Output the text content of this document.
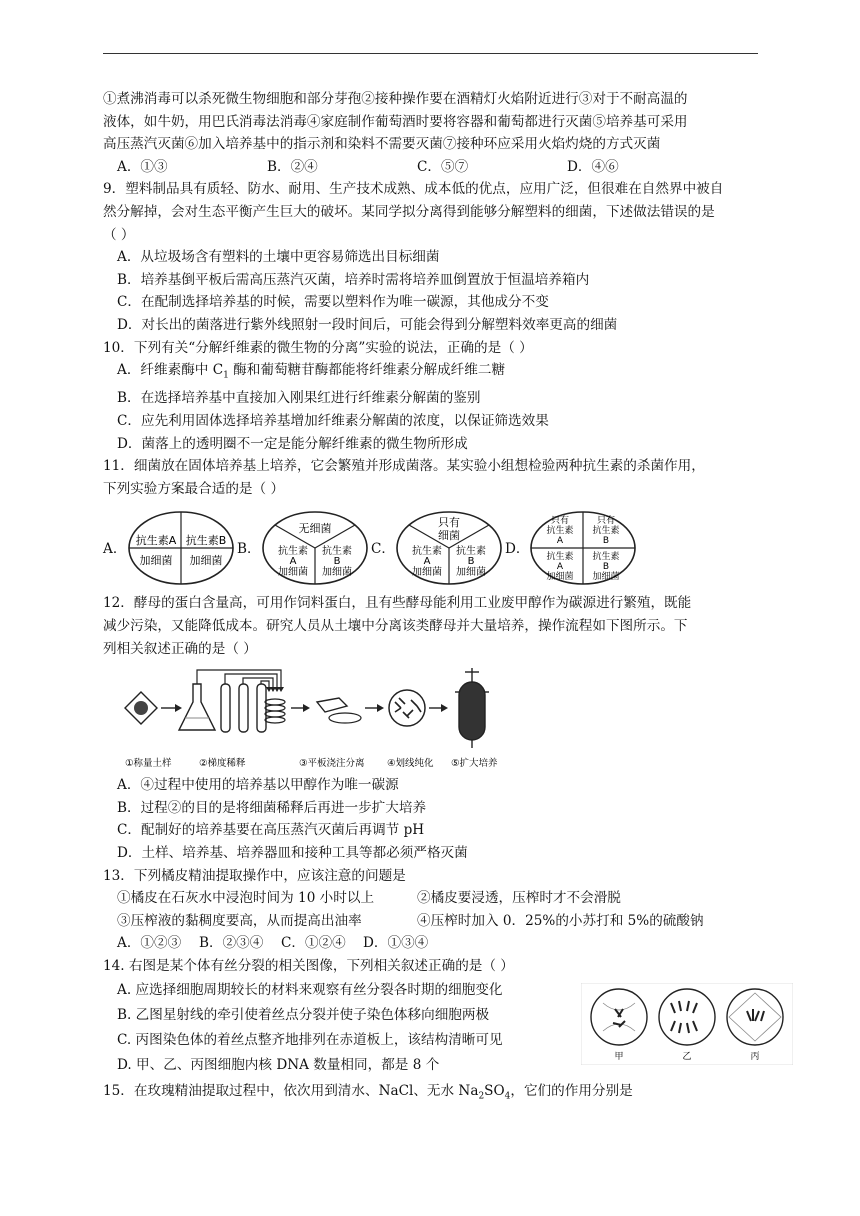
①煮沸消毒可以杀死微生物细胞和部分芽孢②接种操作要在酒精灯火焰附近进行③对于不耐高温的
液体，如牛奶，用巴氏消毒法消毒④家庭制作葡萄酒时要将容器和葡萄都进行灭菌⑤培养基可采用
高压蒸汽灭菌⑥加入培养基中的指示剂和染料不需要灭菌⑦接种环应采用火焰灼烧的方式灭菌
A．①③	B．②④	C．⑤⑦	D．④⑥
9．塑料制品具有质轻、防水、耐用、生产技术成熟、成本低的优点，应用广泛，但很难在自然界中被自
然分解掉，会对生态平衡产生巨大的破坏。某同学拟分离得到能够分解塑料的细菌，下述做法错误的是
（ ）
A．从垃圾场含有塑料的土壤中更容易筛选出目标细菌
B．培养基倒平板后需高压蒸汽灭菌，培养时需将培养皿倒置放于恒温培养箱内
C．在配制选择培养基的时候，需要以塑料作为唯一碳源，其他成分不变
D．对长出的菌落进行紫外线照射一段时间后，可能会得到分解塑料效率更高的细菌
10．下列有关“分解纤维素的微生物的分离”实验的说法，正确的是（ ）
A．纤维素酶中 $C_1$ 酶和葡萄糖苷酶都能将纤维素分解成纤维二糖
B．在选择培养基中直接加入刚果红进行纤维素分解菌的鉴别
C．应先利用固体选择培养基增加纤维素分解菌的浓度，以保证筛选效果
D．菌落上的透明圈不一定是能分解纤维素的微生物所形成
11．细菌放在固体培养基上培养，它会繁殖并形成菌落。某实验小组想检验两种抗生素的杀菌作用，
下列实验方案最合适的是（ ）
A．
抗生素A 抗生素B
加细菌 加细菌
B．
无细菌
抗生素
A
加细菌
抗生素
B
加细菌
C．
只有
细菌
抗生素
A
加细菌
抗生素
B
加细菌
D．
只有
抗生素
A
只有
抗生素
B
抗生素
A
加细菌
抗生素
B
加细菌
12．酵母的蛋白含量高，可用作饲料蛋白，且有些酵母能利用工业废甲醇作为碳源进行繁殖，既能
减少污染，又能降低成本。研究人员从土壤中分离该类酵母并大量培养，操作流程如下图所示。下
列相关叙述正确的是（ ）
①称量土样	②梯度稀释	③平板浇注分离 ④划线纯化 ⑤扩大培养
A．④过程中使用的培养基以甲醇作为唯一碳源
B．过程②的目的是将细菌稀释后再进一步扩大培养
C．配制好的培养基要在高压蒸汽灭菌后再调节 pH
D．土样、培养基、培养器皿和接种工具等都必须严格灭菌
13．下列橘皮精油提取操作中，应该注意的问题是
①橘皮在石灰水中浸泡时间为 10 小时以上	②橘皮要浸透，压榨时才不会滑脱
③压榨液的黏稠度要高，从而提高出油率	④压榨时加入 0．25%的小苏打和 5%的硫酸钠
A．①②③	B．②③④	C．①②④	D．①③④
14. 右图是某个体有丝分裂的相关图像，下列相关叙述正确的是（ ）
A. 应选择细胞周期较长的材料来观察有丝分裂各时期的细胞变化
B. 乙图星射线的牵引使着丝点分裂并使子染色体移向细胞两极
C. 丙图染色体的着丝点整齐地排列在赤道板上，该结构清晰可见
D. 甲、乙、丙图细胞内核 DNA 数量相同，都是 8 个	甲	乙	丙
15．在玫瑰精油提取过程中，依次用到清水、NaCl、无水 $Na_2SO_4$，它们的作用分别是
